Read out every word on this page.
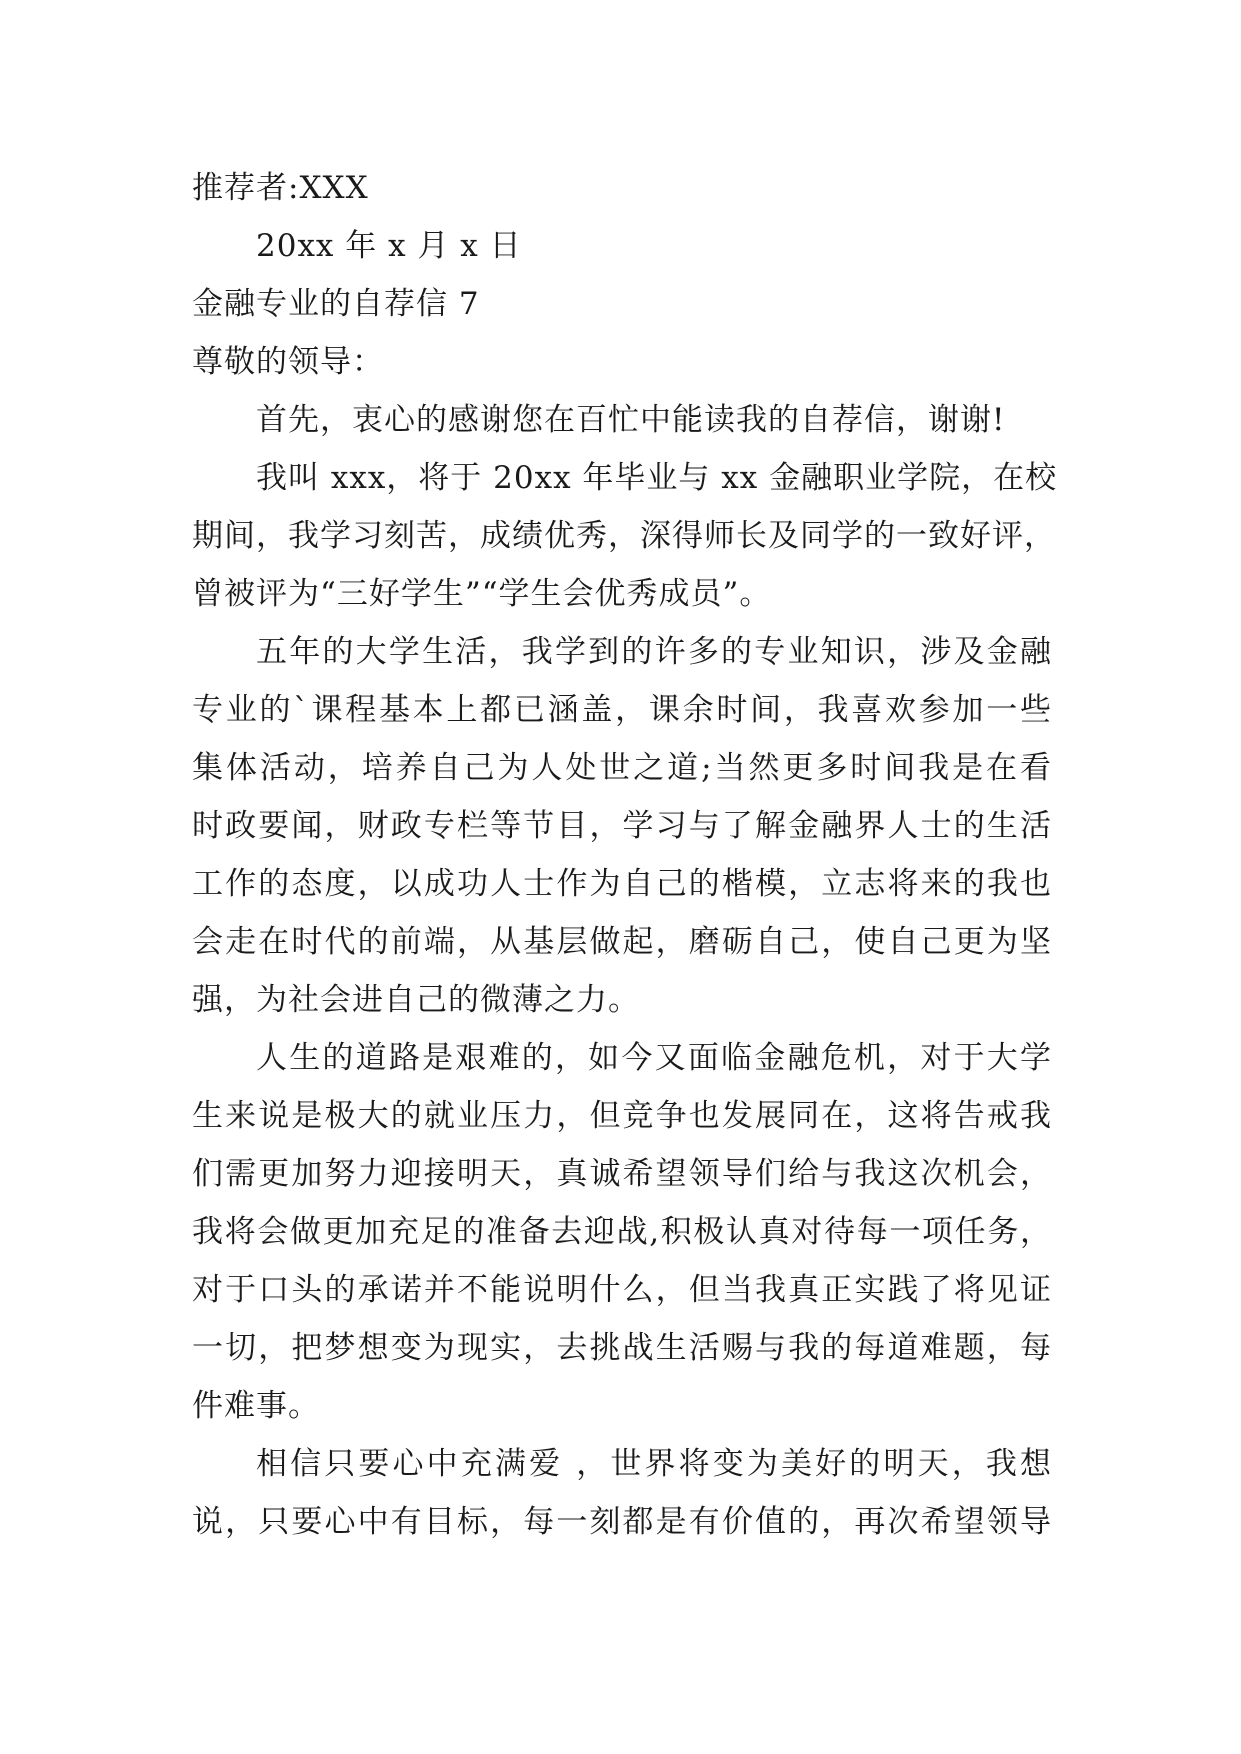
推荐者:XXX
20xx 年 x 月 x 日
金融专业的自荐信 7
尊敬的领导：
首先，衷心的感谢您在百忙中能读我的自荐信，谢谢!
我叫 xxx，将于 20xx 年毕业与 xx 金融职业学院，在校
期间，我学习刻苦，成绩优秀，深得师长及同学的一致好评，
曾被评为“三好学生”“学生会优秀成员”。
五年的大学生活，我学到的许多的专业知识，涉及金融
专业的`课程基本上都已涵盖，课余时间，我喜欢参加一些
集体活动，培养自己为人处世之道;当然更多时间我是在看
时政要闻，财政专栏等节目，学习与了解金融界人士的生活
工作的态度，以成功人士作为自己的楷模，立志将来的我也
会走在时代的前端，从基层做起，磨砺自己，使自己更为坚
强，为社会进自己的微薄之力。
人生的道路是艰难的，如今又面临金融危机，对于大学
生来说是极大的就业压力，但竞争也发展同在，这将告戒我
们需更加努力迎接明天，真诚希望领导们给与我这次机会，
我将会做更加充足的准备去迎战,积极认真对待每一项任务，
对于口头的承诺并不能说明什么，但当我真正实践了将见证
一切，把梦想变为现实，去挑战生活赐与我的每道难题，每
件难事。
相信只要心中充满爱 ，世界将变为美好的明天，我想
说，只要心中有目标，每一刻都是有价值的，再次希望领导
